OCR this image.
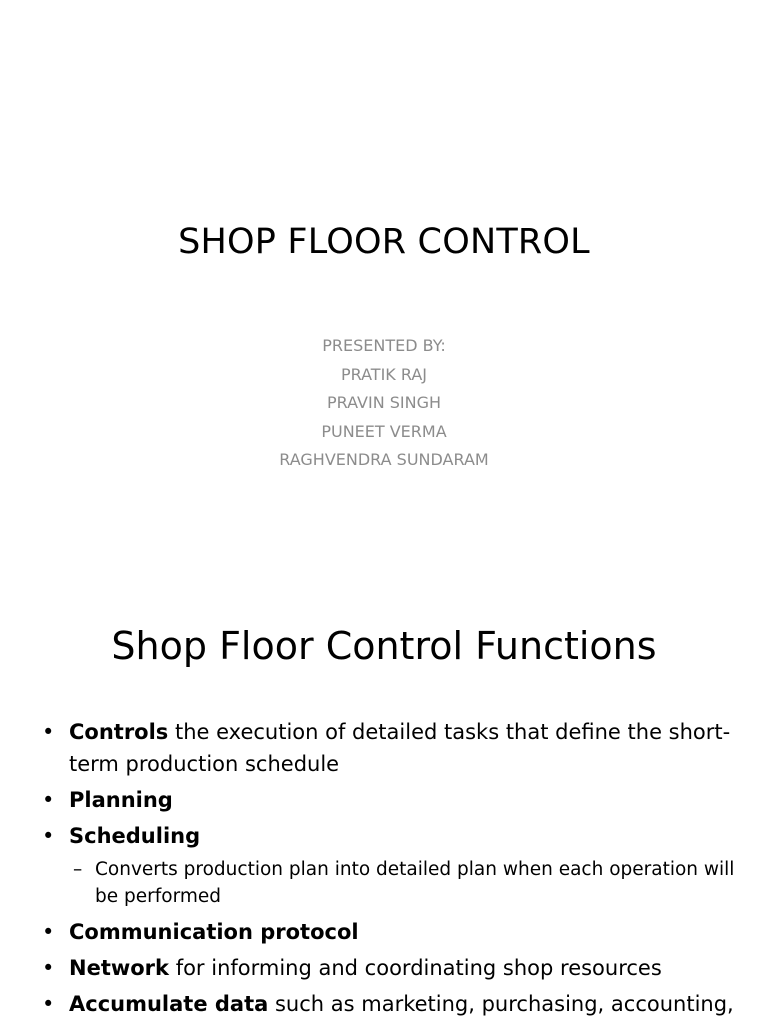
SHOP FLOOR CONTROL
PRESENTED BY:
PRATIK RAJ
PRAVIN SINGH
PUNEET VERMA
RAGHVENDRA SUNDARAM
Shop Floor Control Functions
• Controls the execution of detailed tasks that define the short-term production schedule
• Planning
• Scheduling
– Converts production plan into detailed plan when each operation will be performed
• Communication protocol
• Network for informing and coordinating shop resources
• Accumulate data such as marketing, purchasing, accounting,
